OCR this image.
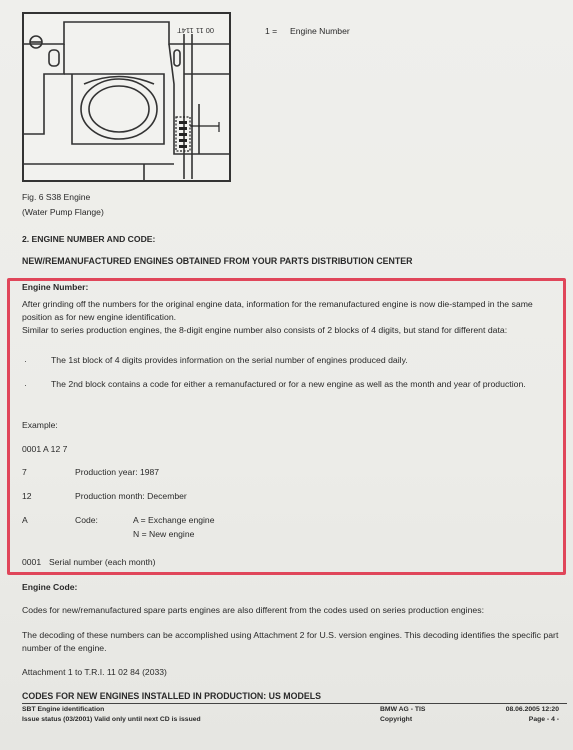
00 11 114T	1 = Engine Number
Fig. 6 S38 Engine
(Water Pump Flange)
2. ENGINE NUMBER AND CODE:
NEW/REMANUFACTURED ENGINES OBTAINED FROM YOUR PARTS DISTRIBUTION CENTER
Engine Number:
After grinding off the numbers for the original engine data, information for the remanufactured engine is now die-stamped in the same position as for new engine identification.
Similar to series production engines, the 8-digit engine number also consists of 2 blocks of 4 digits, but stand for different data:
·	The 1st block of 4 digits provides information on the serial number of engines produced daily.
·	The 2nd block contains a code for either a remanufactured or for a new engine as well as the month and year of production.
Example:
0001 A 12 7
7	Production year: 1987
12	Production month: December
A	Code:	A = Exchange engine
N = New engine
0001 Serial number (each month)
Engine Code:
Codes for new/remanufactured spare parts engines are also different from the codes used on series production engines:
The decoding of these numbers can be accomplished using Attachment 2 for U.S. version engines. This decoding identifies the specific part number of the engine.
Attachment 1 to T.R.I. 11 02 84 (2033)
CODES FOR NEW ENGINES INSTALLED IN PRODUCTION: US MODELS
SBT Engine identification
Issue status (03/2001) Valid only until next CD is issued
BMW AG - TIS
Copyright
08.06.2005 12:20
Page - 4 -
